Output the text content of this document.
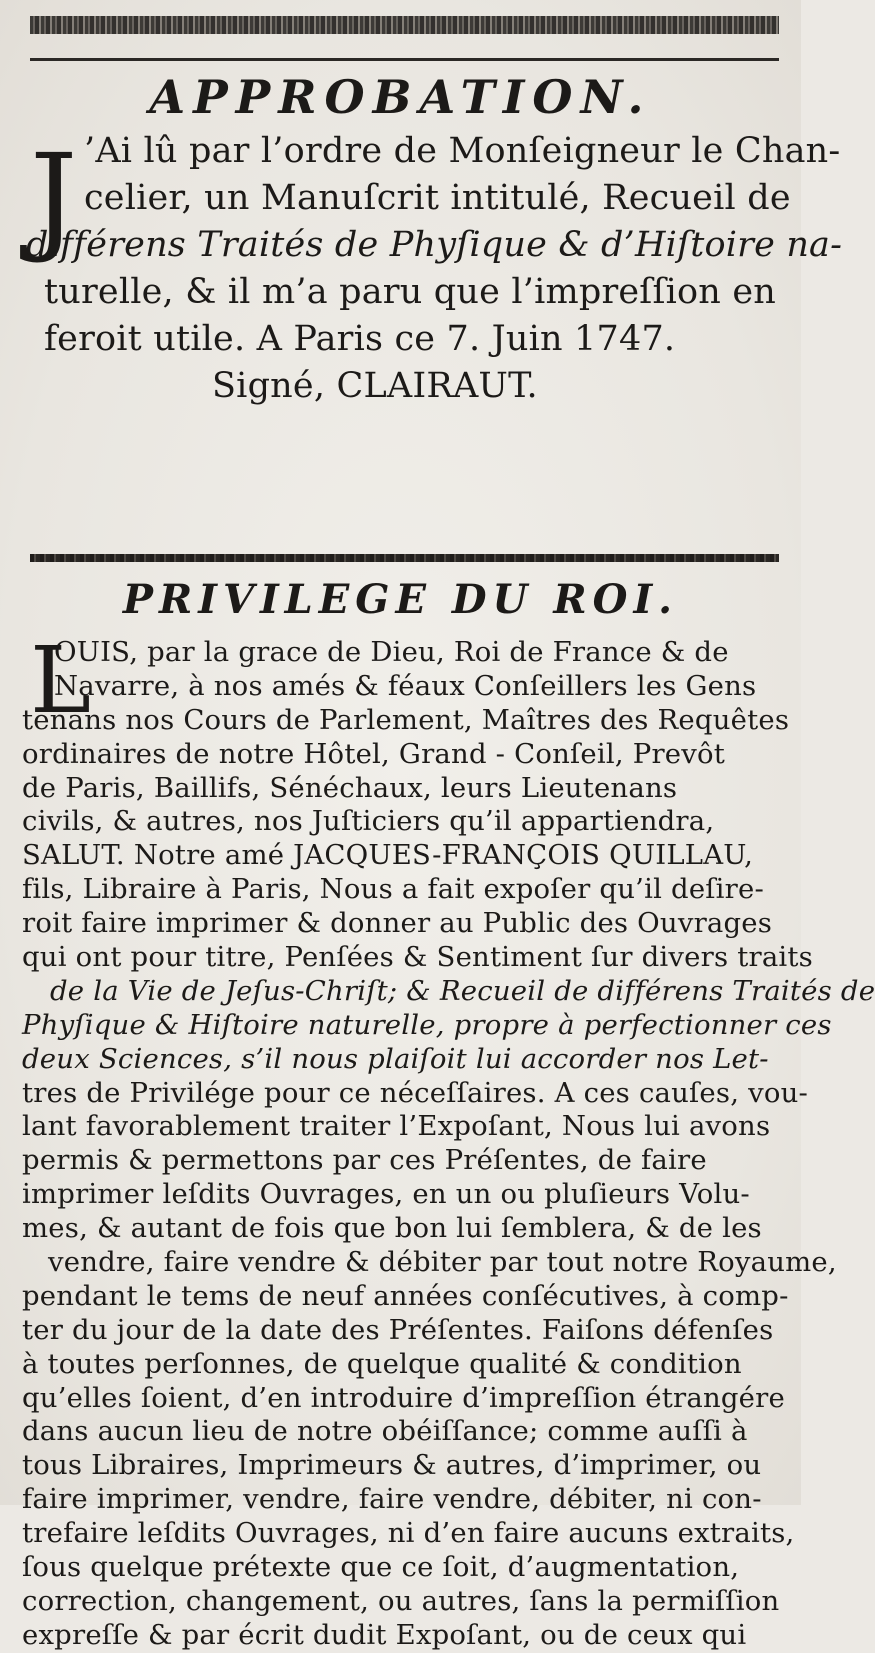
APPROBATION.
J ’Ai lû par l’ordre de Monſeigneur le Chan-
celier, un Manuſcrit intitulé, Recueil de
différens Traités de Phyſique & d’Hiſtoire na-
turelle, & il m’a paru que l’impreſſion en
feroit utile. A Paris ce 7. Juin 1747.
Signé, CLAIRAUT.
PRIVILEGE DU ROI.
L
OUIS, par la grace de Dieu, Roi de France & de
Navarre, à nos amés & féaux Conſeillers les Gens
tenans nos Cours de Parlement, Maîtres des Requêtes
ordinaires de notre Hôtel, Grand - Conſeil, Prevôt
de Paris, Baillifs, Sénéchaux, leurs Lieutenans
civils, & autres, nos Juſticiers qu’il appartiendra,
SALUT. Notre amé JACQUES-FRANÇOIS QUILLAU,
fils, Libraire à Paris, Nous a fait expoſer qu’il deſire-
roit faire imprimer & donner au Public des Ouvrages
qui ont pour titre, Penſées & Sentiment ſur divers traits
de la Vie de Jeſus-Chriſt; & Recueil de différens Traités de
Phyſique & Hiſtoire naturelle, propre à perfectionner ces
deux Sciences, s’il nous plaiſoit lui accorder nos Let-
tres de Privilége pour ce néceſſaires. A ces cauſes, vou-
lant favorablement traiter l’Expoſant, Nous lui avons
permis & permettons par ces Préſentes, de faire
imprimer leſdits Ouvrages, en un ou pluſieurs Volu-
mes, & autant de fois que bon lui ſemblera, & de les
vendre, faire vendre & débiter par tout notre Royaume,
pendant le tems de neuf années conſécutives, à comp-
ter du jour de la date des Préſentes. Faiſons défenſes
à toutes perſonnes, de quelque qualité & condition
qu’elles ſoient, d’en introduire d’impreſſion étrangére
dans aucun lieu de notre obéiſſance; comme auſſi à
tous Libraires, Imprimeurs & autres, d’imprimer, ou
faire imprimer, vendre, faire vendre, débiter, ni con-
trefaire leſdits Ouvrages, ni d’en faire aucuns extraits,
ſous quelque prétexte que ce ſoit, d’augmentation,
correction, changement, ou autres, ſans la permiſſion
expreſſe & par écrit dudit Expoſant, ou de ceux qui
